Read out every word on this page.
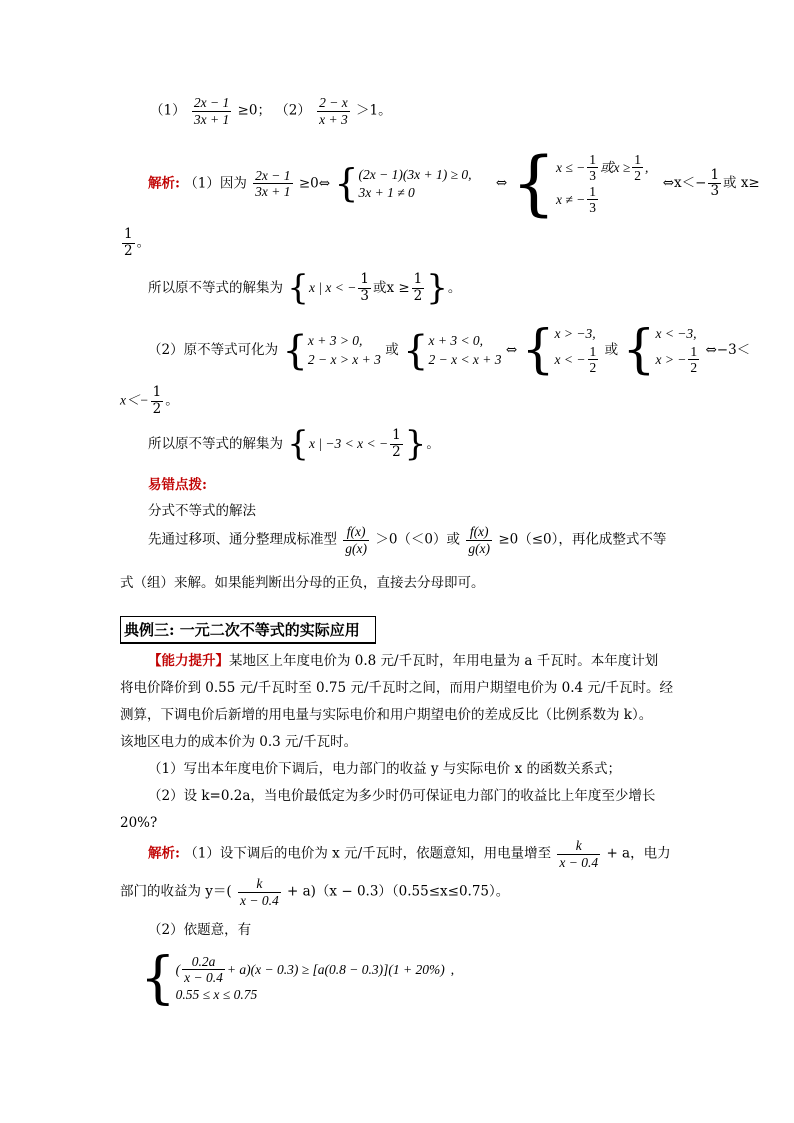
$(1) \frac{2x - 1}{3x + 1} \ge 0$； $(2) \frac{2 - x}{x + 3} >1$。
解析: （1）因为 $\frac{2x - 1}{3x + 1}$ ≥0⇔ { (2x − 1)(3x + 1) ≥ 0,
3x + 1 ≠ 0
⇔ { x ≤ − $\frac{1}{3}$ 或$x \ge \frac{1}{2}$ ,
x ≠ − $\frac{1}{3}$
⇔x＜− $\frac{1}{3}$ 或 x≥
$\frac{1}{2}$ 。
所以原不等式的解集为 {x | x < − $\frac{1}{3}$ 或$x \ge \frac{1}{2}$ }。
（2）原不等式可化为 { x + 3 > 0,
2 − x > x + 3
或 { x + 3 < 0,
2 − x < x + 3
⇔ { x > −3,
x < − $\frac{1}{2}$ 或 { x < −3,
x > − $\frac{1}{2}$ ⇔−3＜
$x<- \frac{1}{2}$ 。
所以原不等式的解集为 {x | −3 < x < − $\frac{1}{2}$ }。
易错点拨:
分式不等式的解法
先通过移项、通分整理成标准型 $\frac{f(x)}{g(x)} >0(<0)$或 $\frac{f(x)}{g(x)} \ge 0(\le 0)$，再化成整式不等
式（组）来解。如果能判断出分母的正负，直接去分母即可。
典例三: 一元二次不等式的实际应用
【能力提升】某地区上年度电价为 0.8 元/千瓦时，年用电量为 a 千瓦时。本年度计划
将电价降价到 0.55 元/千瓦时至 0.75 元/千瓦时之间，而用户期望电价为 0.4 元/千瓦时。经
测算，下调电价后新增的用电量与实际电价和用户期望电价的差成反比（比例系数为 k）。
该地区电力的成本价为 0.3 元/千瓦时。
（1）写出本年度电价下调后，电力部门的收益 y 与实际电价 x 的函数关系式；
（2）设 k=0.2a，当电价最低定为多少时仍可保证电力部门的收益比上年度至少增长
20%?
解析: （1）设下调后的电价为 x 元/千瓦时，依题意知，用电量增至 $\frac{k}{x - 0.4} + a$，电力
部门的收益为 $y=( \frac{k}{x - 0.4} + a)(x - 0.3)(0.55\le x\le 0.75)$。
（2）依题意，有
{ ( $\frac{0.2a}{x - 0.4} + a)(x - 0.3) \ge [a(0.8 - 0.3)](1 + 20\%)$ ,
0.55 ≤ x ≤ 0.75
